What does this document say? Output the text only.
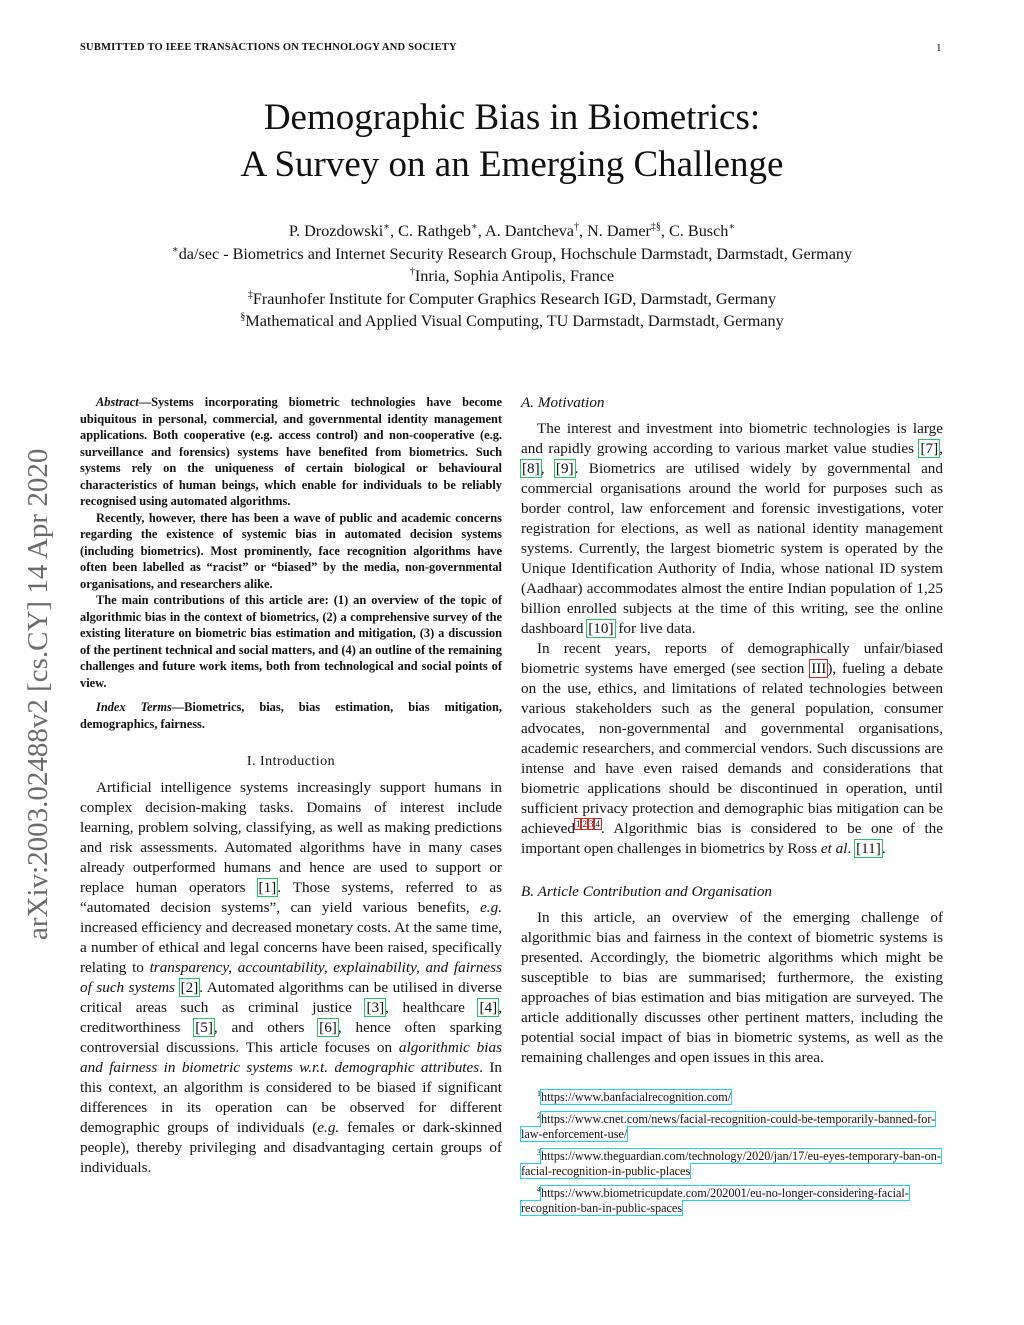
SUBMITTED TO IEEE TRANSACTIONS ON TECHNOLOGY AND SOCIETY	1
Demographic Bias in Biometrics:
A Survey on an Emerging Challenge
P. Drozdowski∗, C. Rathgeb∗, A. Dantcheva†, N. Damer‡§, C. Busch∗
∗da/sec - Biometrics and Internet Security Research Group, Hochschule Darmstadt, Darmstadt, Germany
†Inria, Sophia Antipolis, France
‡Fraunhofer Institute for Computer Graphics Research IGD, Darmstadt, Germany
§Mathematical and Applied Visual Computing, TU Darmstadt, Darmstadt, Germany
arXiv:2003.02488v2 [cs.CY] 14 Apr 2020

Abstract—Systems incorporating biometric technologies have become ubiquitous in personal, commercial, and governmental identity management applications. Both cooperative (e.g. access control) and non-cooperative (e.g. surveillance and forensics) systems have benefited from biometrics. Such systems rely on the uniqueness of certain biological or behavioural characteristics of human beings, which enable for individuals to be reliably recognised using automated algorithms.

Recently, however, there has been a wave of public and academic concerns regarding the existence of systemic bias in automated decision systems (including biometrics). Most prominently, face recognition algorithms have often been labelled as “racist” or “biased” by the media, non-governmental organisations, and researchers alike.

The main contributions of this article are: (1) an overview of the topic of algorithmic bias in the context of biometrics, (2) a comprehensive survey of the existing literature on biometric bias estimation and mitigation, (3) a discussion of the pertinent technical and social matters, and (4) an outline of the remaining challenges and future work items, both from technological and social points of view.

Index Terms—Biometrics, bias, bias estimation, bias mitigation, demographics, fairness.

I. Introduction

Artificial intelligence systems increasingly support humans in complex decision-making tasks. Domains of interest include learning, problem solving, classifying, as well as making predictions and risk assessments. Automated algorithms have in many cases already outperformed humans and hence are used to support or replace human operators [1]. Those systems, referred to as “automated decision systems”, can yield various benefits, e.g. increased efficiency and decreased monetary costs. At the same time, a number of ethical and legal concerns have been raised, specifically relating to transparency, accountability, explainability, and fairness of such systems [2]. Automated algorithms can be utilised in diverse critical areas such as criminal justice [3], healthcare [4], creditworthiness [5], and others [6], hence often sparking controversial discussions. This article focuses on algorithmic bias and fairness in biometric systems w.r.t. demographic attributes. In this context, an algorithm is considered to be biased if significant differences in its operation can be observed for different demographic groups of individuals (e.g. females or dark-skinned people), thereby privileging and disadvantaging certain groups of individuals.

A. Motivation

The interest and investment into biometric technologies is large and rapidly growing according to various market value studies [7], [8], [9]. Biometrics are utilised widely by governmental and commercial organisations around the world for purposes such as border control, law enforcement and forensic investigations, voter registration for elections, as well as national identity management systems. Currently, the largest biometric system is operated by the Unique Identification Authority of India, whose national ID system (Aadhaar) accommodates almost the entire Indian population of 1,25 billion enrolled subjects at the time of this writing, see the online dashboard [10] for live data.

In recent years, reports of demographically unfair/biased biometric systems have emerged (see section III), fueling a debate on the use, ethics, and limitations of related technologies between various stakeholders such as the general population, consumer advocates, non-governmental and governmental organisations, academic researchers, and commercial vendors. Such discussions are intense and have even raised demands and considerations that biometric applications should be discontinued in operation, until sufficient privacy protection and demographic bias mitigation can be achieved$^1$ $^2$ $^3$ $^4$. Algorithmic bias is considered to be one of the important open challenges in biometrics by Ross et al. [11].

B. Article Contribution and Organisation

In this article, an overview of the emerging challenge of algorithmic bias and fairness in the context of biometric systems is presented. Accordingly, the biometric algorithms which might be susceptible to bias are summarised; furthermore, the existing approaches of bias estimation and bias mitigation are surveyed. The article additionally discusses other pertinent matters, including the potential social impact of bias in biometric systems, as well as the remaining challenges and open issues in this area.

$^1$https://www.banfacialrecognition.com/
$^2$https://www.cnet.com/news/facial-recognition-could-be-temporarily-banned-for-law-enforcement-use/
$^3$https://www.theguardian.com/technology/2020/jan/17/eu-eyes-temporary-ban-on-facial-recognition-in-public-places
$^4$https://www.biometricupdate.com/202001/eu-no-longer-considering-facial-recognition-ban-in-public-spaces
